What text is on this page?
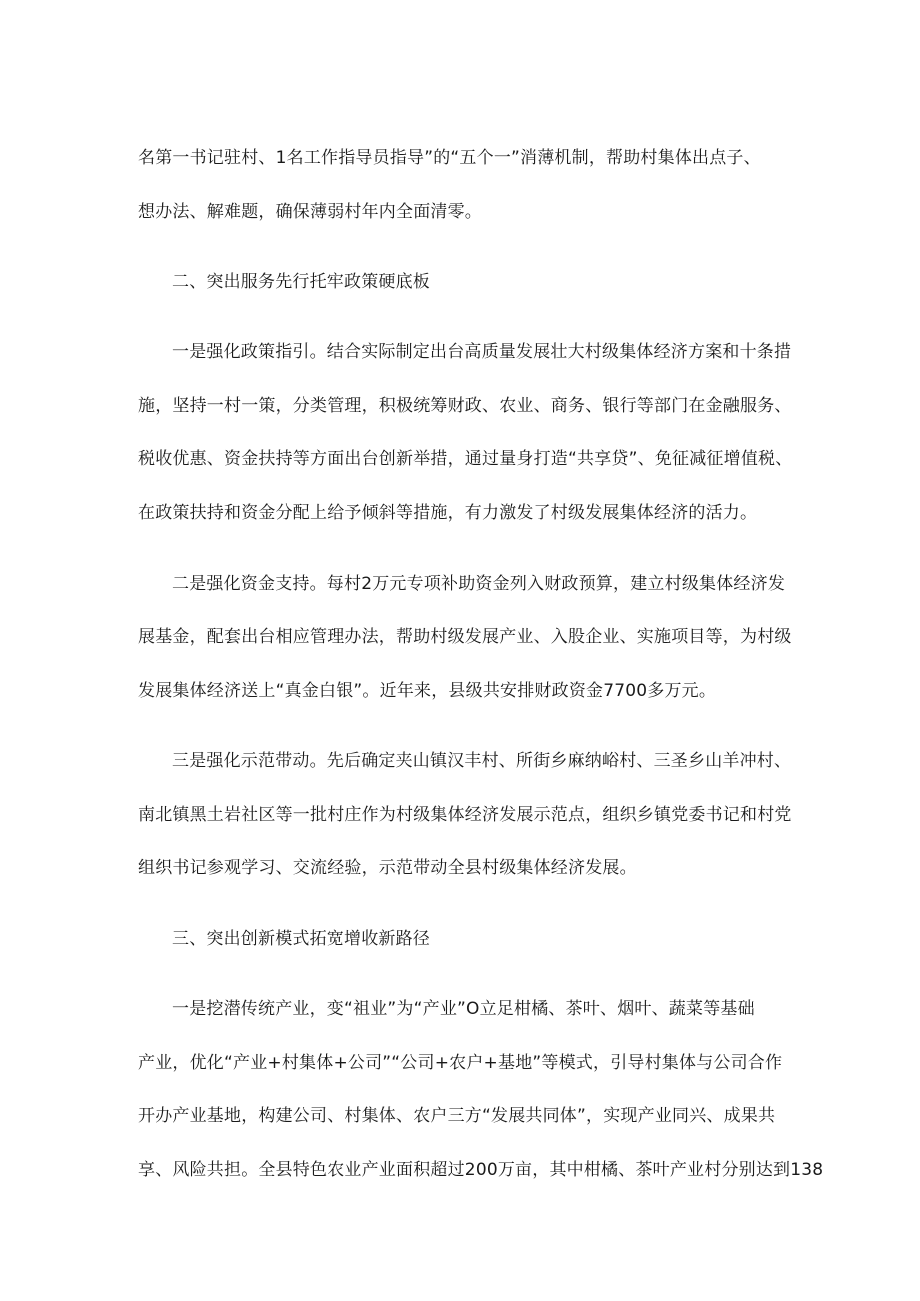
名第一书记驻村、1名工作指导员指导”的“五个一”消薄机制，帮助村集体出点子、
想办法、解难题，确保薄弱村年内全面清零。
二、突出服务先行托牢政策硬底板
一是强化政策指引。结合实际制定出台高质量发展壮大村级集体经济方案和十条措
施，坚持一村一策，分类管理，积极统筹财政、农业、商务、银行等部门在金融服务、
税收优惠、资金扶持等方面出台创新举措，通过量身打造“共享贷”、免征减征增值税、
在政策扶持和资金分配上给予倾斜等措施，有力激发了村级发展集体经济的活力。
二是强化资金支持。每村2万元专项补助资金列入财政预算，建立村级集体经济发
展基金，配套出台相应管理办法，帮助村级发展产业、入股企业、实施项目等，为村级
发展集体经济送上“真金白银”。近年来，县级共安排财政资金7700多万元。
三是强化示范带动。先后确定夹山镇汉丰村、所街乡麻纳峪村、三圣乡山羊冲村、
南北镇黑土岩社区等一批村庄作为村级集体经济发展示范点，组织乡镇党委书记和村党
组织书记参观学习、交流经验，示范带动全县村级集体经济发展。
三、突出创新模式拓宽增收新路径
一是挖潜传统产业，变“祖业”为“产业”O立足柑橘、茶叶、烟叶、蔬菜等基础
产业，优化“产业+村集体+公司”“公司+农户+基地”等模式，引导村集体与公司合作
开办产业基地，构建公司、村集体、农户三方“发展共同体”，实现产业同兴、成果共
享、风险共担。全县特色农业产业面积超过200万亩，其中柑橘、茶叶产业村分别达到138
